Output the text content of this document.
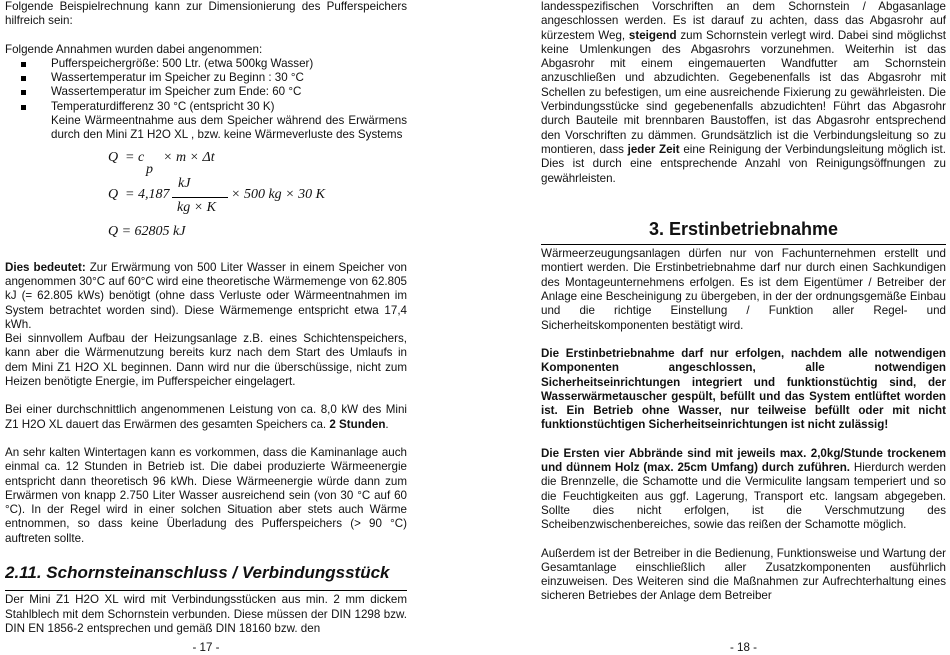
Folgende Beispielrechnung kann zur Dimensionierung des Pufferspeichers hilfreich sein:

Folgende Annahmen wurden dabei angenommen:

Pufferspeichergröße: 500 Ltr. (etwa 500kg Wasser)
Wassertemperatur im Speicher zu Beginn : 30 °C
Wassertemperatur im Speicher zum Ende: 60 °C
Temperaturdifferenz 30 °C (entspricht 30 K)
Keine Wärmeentnahme aus dem Speicher während des Erwärmens durch den Mini Z1 H2O XL , bzw. keine Wärmeverluste des Systems
Q = c
p
× m × Δt
kJ
Q = 4,187	× 500 kg × 30 K
kg × K
Q = 62805 kJ

Dies bedeutet: Zur Erwärmung von 500 Liter Wasser in einem Speicher von angenommen 30°C auf 60°C wird eine theoretische Wärmemenge von 62.805 kJ (= 62.805 kWs) benötigt (ohne dass Verluste oder Wärmeentnahmen im System betrachtet worden sind). Diese Wärmemenge entspricht etwa 17,4 kWh.

Bei sinnvollem Aufbau der Heizungsanlage z.B. eines Schichtenspeichers, kann aber die Wärmenutzung bereits kurz nach dem Start des Umlaufs in dem Mini Z1 H2O XL beginnen. Dann wird nur die überschüssige, nicht zum Heizen benötigte Energie, im Pufferspeicher eingelagert.

Bei einer durchschnittlich angenommenen Leistung von ca. 8,0 kW des Mini Z1 H2O XL dauert das Erwärmen des gesamten Speichers ca. 2 Stunden.

An sehr kalten Wintertagen kann es vorkommen, dass die Kaminanlage auch einmal ca. 12 Stunden in Betrieb ist. Die dabei produzierte Wärmeenergie entspricht dann theoretisch 96 kWh. Diese Wärmeenergie würde dann zum Erwärmen von knapp 2.750 Liter Wasser ausreichend sein (von 30 °C auf 60 °C). In der Regel wird in einer solchen Situation aber stets auch Wärme entnommen, so dass keine Überladung des Pufferspeichers (> 90 °C) auftreten sollte.

2.11. Schornsteinanschluss / Verbindungsstück

Der Mini Z1 H2O XL wird mit Verbindungsstücken aus min. 2 mm dickem Stahlblech mit dem Schornstein verbunden. Diese müssen der DIN 1298 bzw. DIN EN 1856-2 entsprechen und gemäß DIN 18160 bzw. den

- 17 -

landesspezifischen Vorschriften an dem Schornstein / Abgasanlage angeschlossen werden. Es ist darauf zu achten, dass das Abgasrohr auf kürzestem Weg, steigend zum Schornstein verlegt wird. Dabei sind möglichst keine Umlenkungen des Abgasrohrs vorzunehmen. Weiterhin ist das Abgasrohr mit einem eingemauerten Wandfutter am Schornstein anzuschließen und abzudichten. Gegebenenfalls ist das Abgasrohr mit Schellen zu befestigen, um eine ausreichende Fixierung zu gewährleisten. Die Verbindungsstücke sind gegebenenfalls abzudichten! Führt das Abgasrohr durch Bauteile mit brennbaren Baustoffen, ist das Abgasrohr entsprechend den Vorschriften zu dämmen. Grundsätzlich ist die Verbindungsleitung so zu montieren, dass jeder Zeit eine Reinigung der Verbindungsleitung möglich ist. Dies ist durch eine entsprechende Anzahl von Reinigungsöffnungen zu gewährleisten.

3. Erstinbetriebnahme

Wärmeerzeugungsanlagen dürfen nur von Fachunternehmen erstellt und montiert werden. Die Erstinbetriebnahme darf nur durch einen Sachkundigen des Montageunternehmens erfolgen. Es ist dem Eigentümer / Betreiber der Anlage eine Bescheinigung zu übergeben, in der der ordnungsgemäße Einbau und die richtige Einstellung / Funktion aller Regel- und Sicherheitskomponenten bestätigt wird.

Die Erstinbetriebnahme darf nur erfolgen, nachdem alle notwendigen Komponenten angeschlossen, alle notwendigen Sicherheitseinrichtungen integriert und funktionstüchtig sind, der Wasserwärmetauscher gespült, befüllt und das System entlüftet worden ist. Ein Betrieb ohne Wasser, nur teilweise befüllt oder mit nicht funktionstüchtigen Sicherheitseinrichtungen ist nicht zulässig!

Die Ersten vier Abbrände sind mit jeweils max. 2,0kg/Stunde trockenem und dünnem Holz (max. 25cm Umfang) durch zuführen. Hierdurch werden die Brennzelle, die Schamotte und die Vermiculite langsam temperiert und so die Feuchtigkeiten aus ggf. Lagerung, Transport etc. langsam abgegeben. Sollte dies nicht erfolgen, ist die Verschmutzung des Scheibenzwischenbereiches, sowie das reißen der Schamotte möglich.

Außerdem ist der Betreiber in die Bedienung, Funktionsweise und Wartung der Gesamtanlage einschließlich aller Zusatzkomponenten ausführlich einzuweisen. Des Weiteren sind die Maßnahmen zur Aufrechterhaltung eines sicheren Betriebes der Anlage dem Betreiber

- 18 -
